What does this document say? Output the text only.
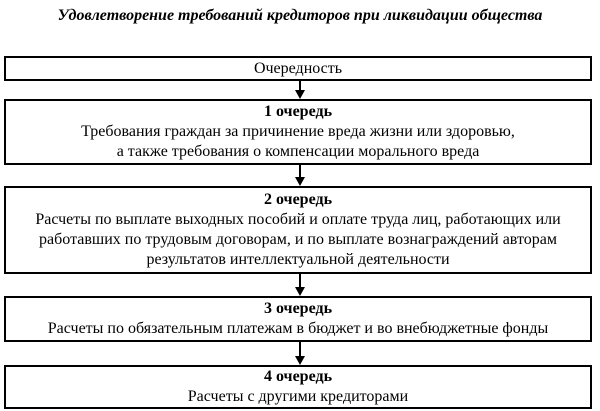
Удовлетворение требований кредиторов при ликвидации общества
Очередность
1 очередь
Требования граждан за причинение вреда жизни или здоровью,
а также требования о компенсации морального вреда
2 очередь
Расчеты по выплате выходных пособий и оплате труда лиц, работающих или
работавших по трудовым договорам, и по выплате вознаграждений авторам
результатов интеллектуальной деятельности
3 очередь
Расчеты по обязательным платежам в бюджет и во внебюджетные фонды
4 очередь
Расчеты с другими кредиторами
